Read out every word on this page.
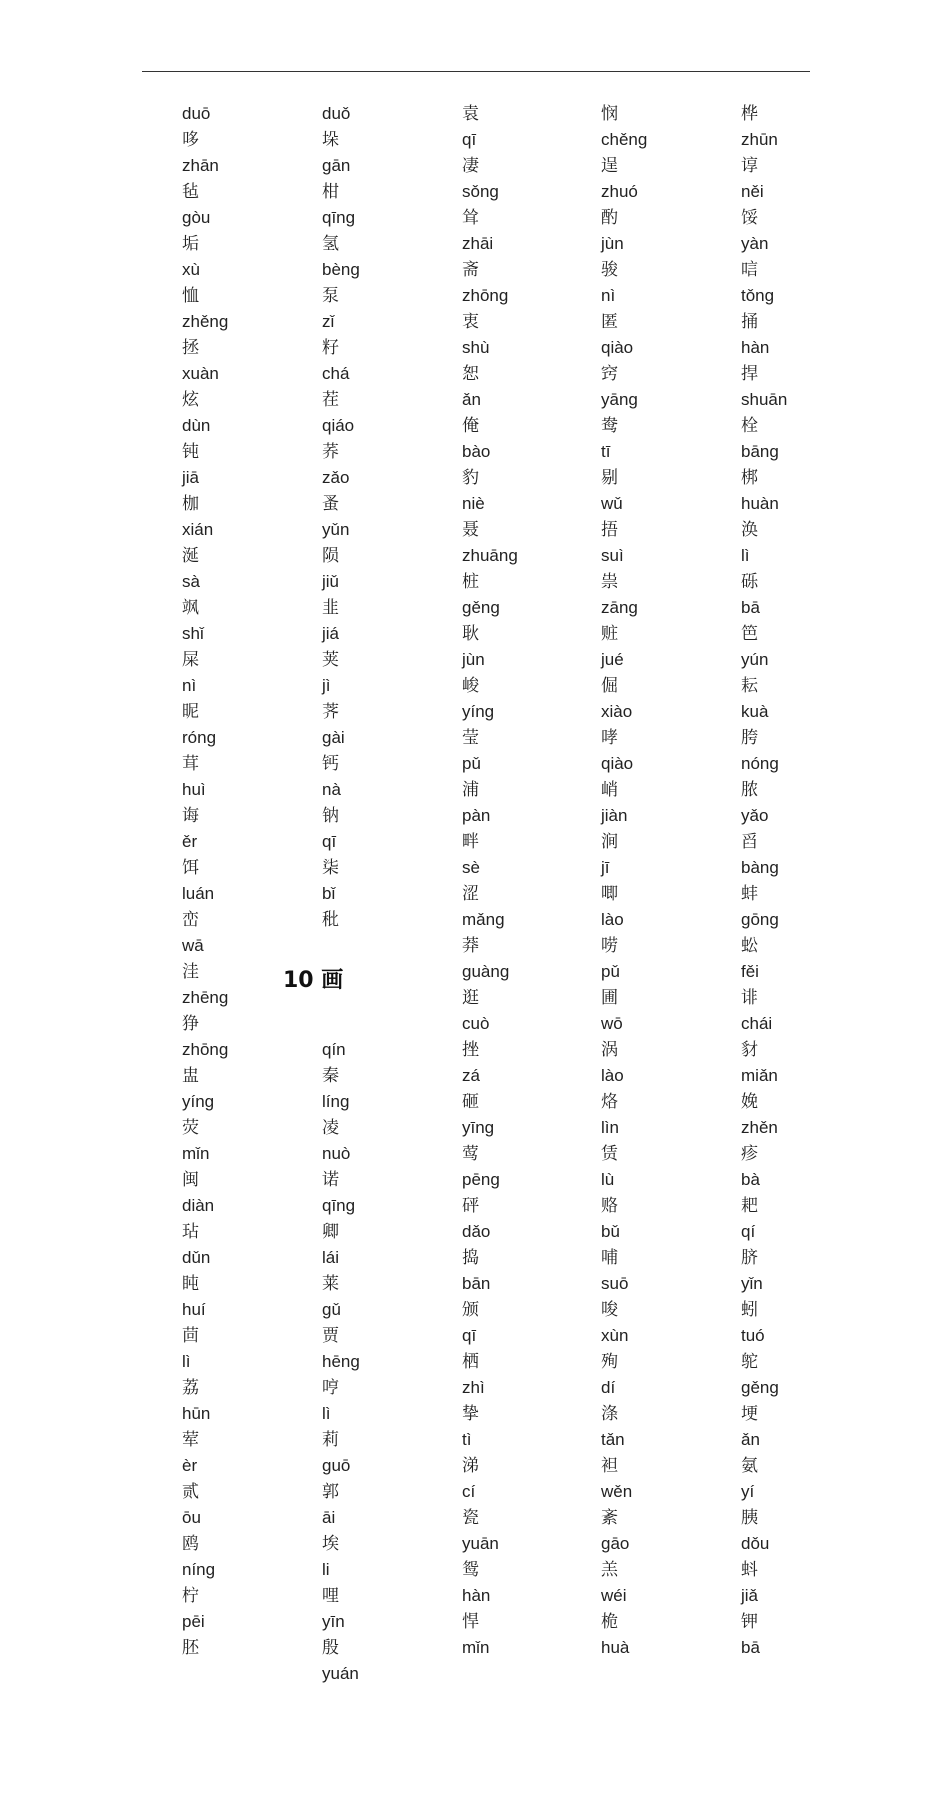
duō
哆
zhān
毡
gòu
垢
xù
恤
zhěng
拯
xuàn
炫
dùn
钝
jiā
枷
xián
涎
sà
飒
shǐ
屎
nì
昵
róng
茸
huì
诲
ěr
饵
luán
峦
wā
洼
zhēng
狰
zhōng
盅
yíng
荧
mǐn
闽
diàn
玷
dǔn
盹
huí
茴
lì
荔
hūn
荤
èr
贰
ōu
鸥
níng
柠
pēi
胚
duǒ
垛
gān
柑
qīng
氢
bèng
泵
zǐ
籽
chá
茬
qiáo
荞
zǎo
蚤
yǔn
陨
jiǔ
韭
jiá
荚
jì
荠
gài
钙
nà
钠
qī
柒
bǐ
秕
qín
秦
líng
凌
nuò
诺
qīng
卿
lái
莱
gǔ
贾
hēng
哼
lì
莉
guō
郭
āi
埃
li
哩
yīn
殷
yuán
袁
qī
凄
sǒng
耸
zhāi
斋
zhōng
衷
shù
恕
ǎn
俺
bào
豹
niè
聂
zhuāng
桩
gěng
耿
jùn
峻
yíng
莹
pǔ
浦
pàn
畔
sè
涩
mǎng
莽
guàng
逛
cuò
挫
zá
砸
yīng
莺
pēng
砰
dǎo
捣
bān
颁
qī
栖
zhì
挚
tì
涕
cí
瓷
yuān
鸳
hàn
悍
mǐn
悯
chěng
逞
zhuó
酌
jùn
骏
nì
匿
qiào
窍
yāng
鸯
tī
剔
wǔ
捂
suì
祟
zāng
赃
jué
倔
xiào
哮
qiào
峭
jiàn
涧
jī
唧
lào
唠
pǔ
圃
wō
涡
lào
烙
lìn
赁
lù
赂
bǔ
哺
suō
唆
xùn
殉
dí
涤
tǎn
袒
wěn
紊
gāo
羔
wéi
桅
huà
桦
zhūn
谆
něi
馁
yàn
唁
tǒng
捅
hàn
捍
shuān
栓
bāng
梆
huàn
涣
lì
砾
bā
笆
yún
耘
kuà
胯
nóng
脓
yǎo
舀
bàng
蚌
gōng
蚣
fěi
诽
chái
豺
miǎn
娩
zhěn
疹
bà
耙
qí
脐
yǐn
蚓
tuó
鸵
gěng
埂
ǎn
氨
yí
胰
dǒu
蚪
jiǎ
钾
bā
10 画
